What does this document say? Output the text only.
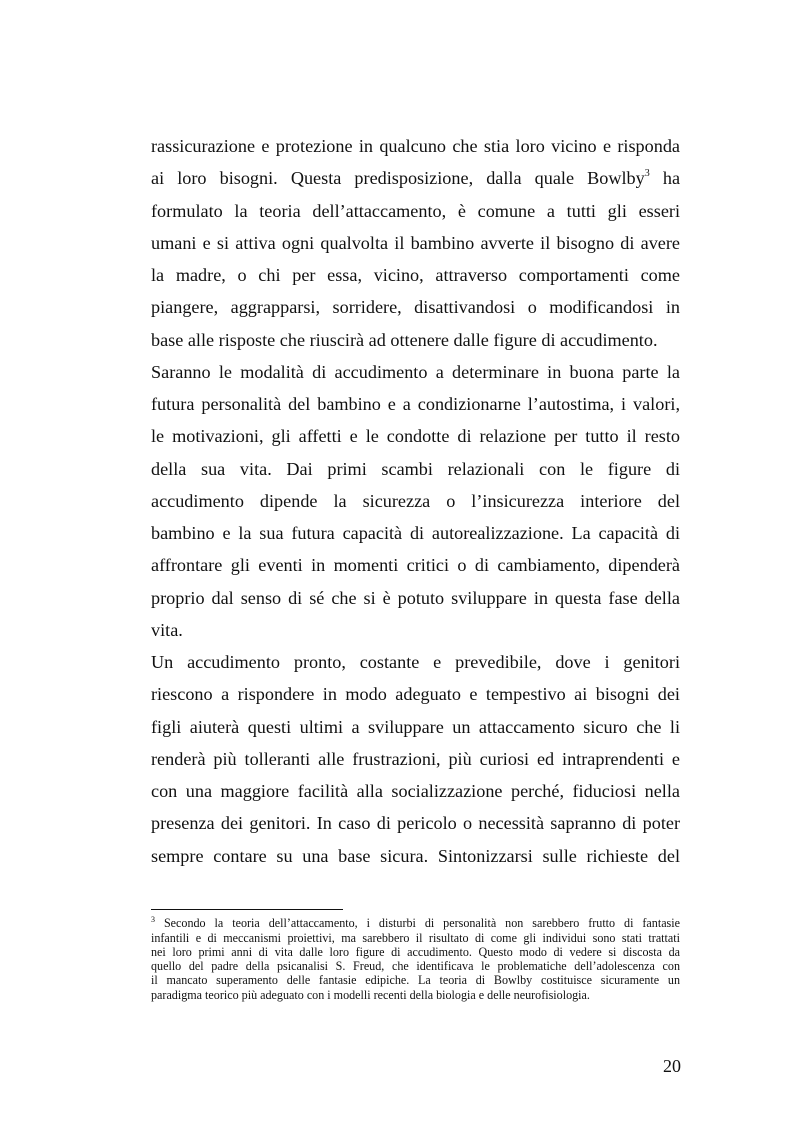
rassicurazione e protezione in qualcuno che stia loro vicino e risponda
ai loro bisogni. Questa predisposizione, dalla quale Bowlby$^3$ ha
formulato la teoria dell’attaccamento, è comune a tutti gli esseri
umani e si attiva ogni qualvolta il bambino avverte il bisogno di avere
la madre, o chi per essa, vicino, attraverso comportamenti come
piangere, aggrapparsi, sorridere, disattivandosi o modificandosi in
base alle risposte che riuscirà ad ottenere dalle figure di accudimento.
Saranno le modalità di accudimento a determinare in buona parte la
futura personalità del bambino e a condizionarne l’autostima, i valori,
le motivazioni, gli affetti e le condotte di relazione per tutto il resto
della sua vita. Dai primi scambi relazionali con le figure di
accudimento dipende la sicurezza o l’insicurezza interiore del
bambino e la sua futura capacità di autorealizzazione. La capacità di
affrontare gli eventi in momenti critici o di cambiamento, dipenderà
proprio dal senso di sé che si è potuto sviluppare in questa fase della
vita.
Un accudimento pronto, costante e prevedibile, dove i genitori
riescono a rispondere in modo adeguato e tempestivo ai bisogni dei
figli aiuterà questi ultimi a sviluppare un attaccamento sicuro che li
renderà più tolleranti alle frustrazioni, più curiosi ed intraprendenti e
con una maggiore facilità alla socializzazione perché, fiduciosi nella
presenza dei genitori. In caso di pericolo o necessità sapranno di poter
sempre contare su una base sicura. Sintonizzarsi sulle richieste del
$^3$ Secondo la teoria dell’attaccamento, i disturbi di personalità non sarebbero frutto di fantasie
infantili e di meccanismi proiettivi, ma sarebbero il risultato di come gli individui sono stati trattati
nei loro primi anni di vita dalle loro figure di accudimento. Questo modo di vedere si discosta da
quello del padre della psicanalisi S. Freud, che identificava le problematiche dell’adolescenza con
il mancato superamento delle fantasie edipiche. La teoria di Bowlby costituisce sicuramente un
paradigma teorico più adeguato con i modelli recenti della biologia e delle neurofisiologia.
20
